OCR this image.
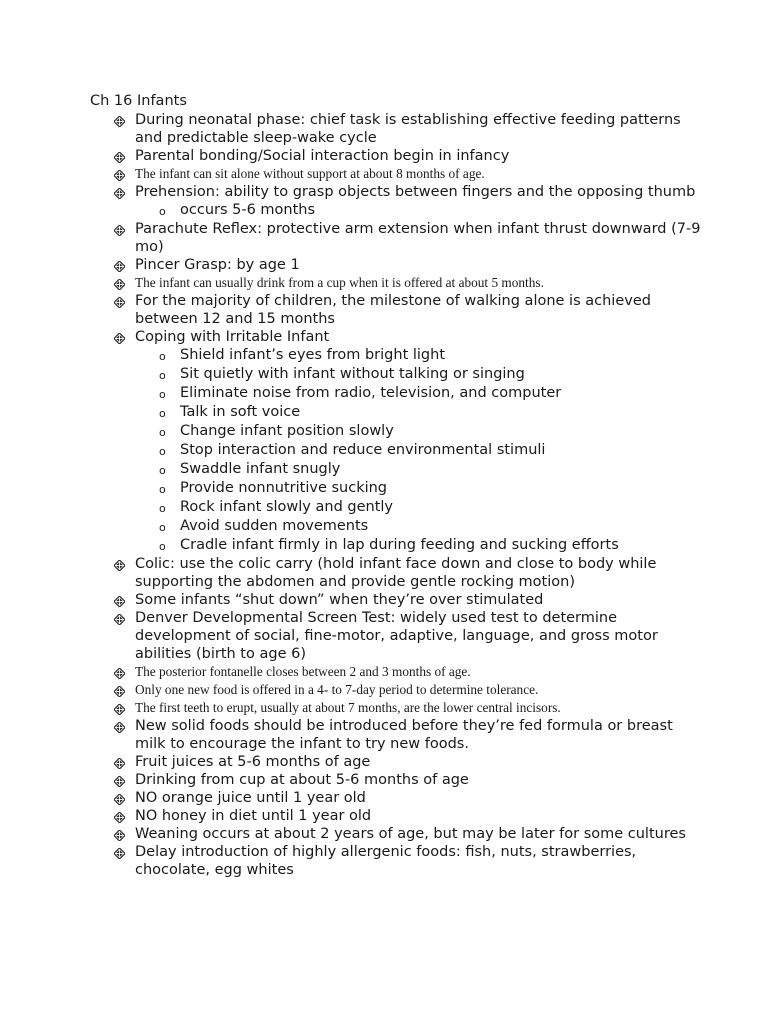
Ch 16 Infants
During neonatal phase: chief task is establishing effective feeding patterns and predictable sleep-wake cycle
Parental bonding/Social interaction begin in infancy
The infant can sit alone without support at about 8 months of age.
Prehension: ability to grasp objects between fingers and the opposing thumb
o occurs 5-6 months
Parachute Reflex: protective arm extension when infant thrust downward (7-9 mo)
Pincer Grasp: by age 1
The infant can usually drink from a cup when it is offered at about 5 months.
For the majority of children, the milestone of walking alone is achieved between 12 and 15 months
Coping with Irritable Infant
o Shield infant’s eyes from bright light
o Sit quietly with infant without talking or singing
o Eliminate noise from radio, television, and computer
o Talk in soft voice
o Change infant position slowly
o Stop interaction and reduce environmental stimuli
o Swaddle infant snugly
o Provide nonnutritive sucking
o Rock infant slowly and gently
o Avoid sudden movements
o Cradle infant firmly in lap during feeding and sucking efforts
Colic: use the colic carry (hold infant face down and close to body while supporting the abdomen and provide gentle rocking motion)
Some infants “shut down” when they’re over stimulated
Denver Developmental Screen Test: widely used test to determine development of social, fine-motor, adaptive, language, and gross motor abilities (birth to age 6)
The posterior fontanelle closes between 2 and 3 months of age.
Only one new food is offered in a 4- to 7-day period to determine tolerance.
The first teeth to erupt, usually at about 7 months, are the lower central incisors.
New solid foods should be introduced before they’re fed formula or breast milk to encourage the infant to try new foods.
Fruit juices at 5-6 months of age
Drinking from cup at about 5-6 months of age
NO orange juice until 1 year old
NO honey in diet until 1 year old
Weaning occurs at about 2 years of age, but may be later for some cultures
Delay introduction of highly allergenic foods: fish, nuts, strawberries, chocolate, egg whites
